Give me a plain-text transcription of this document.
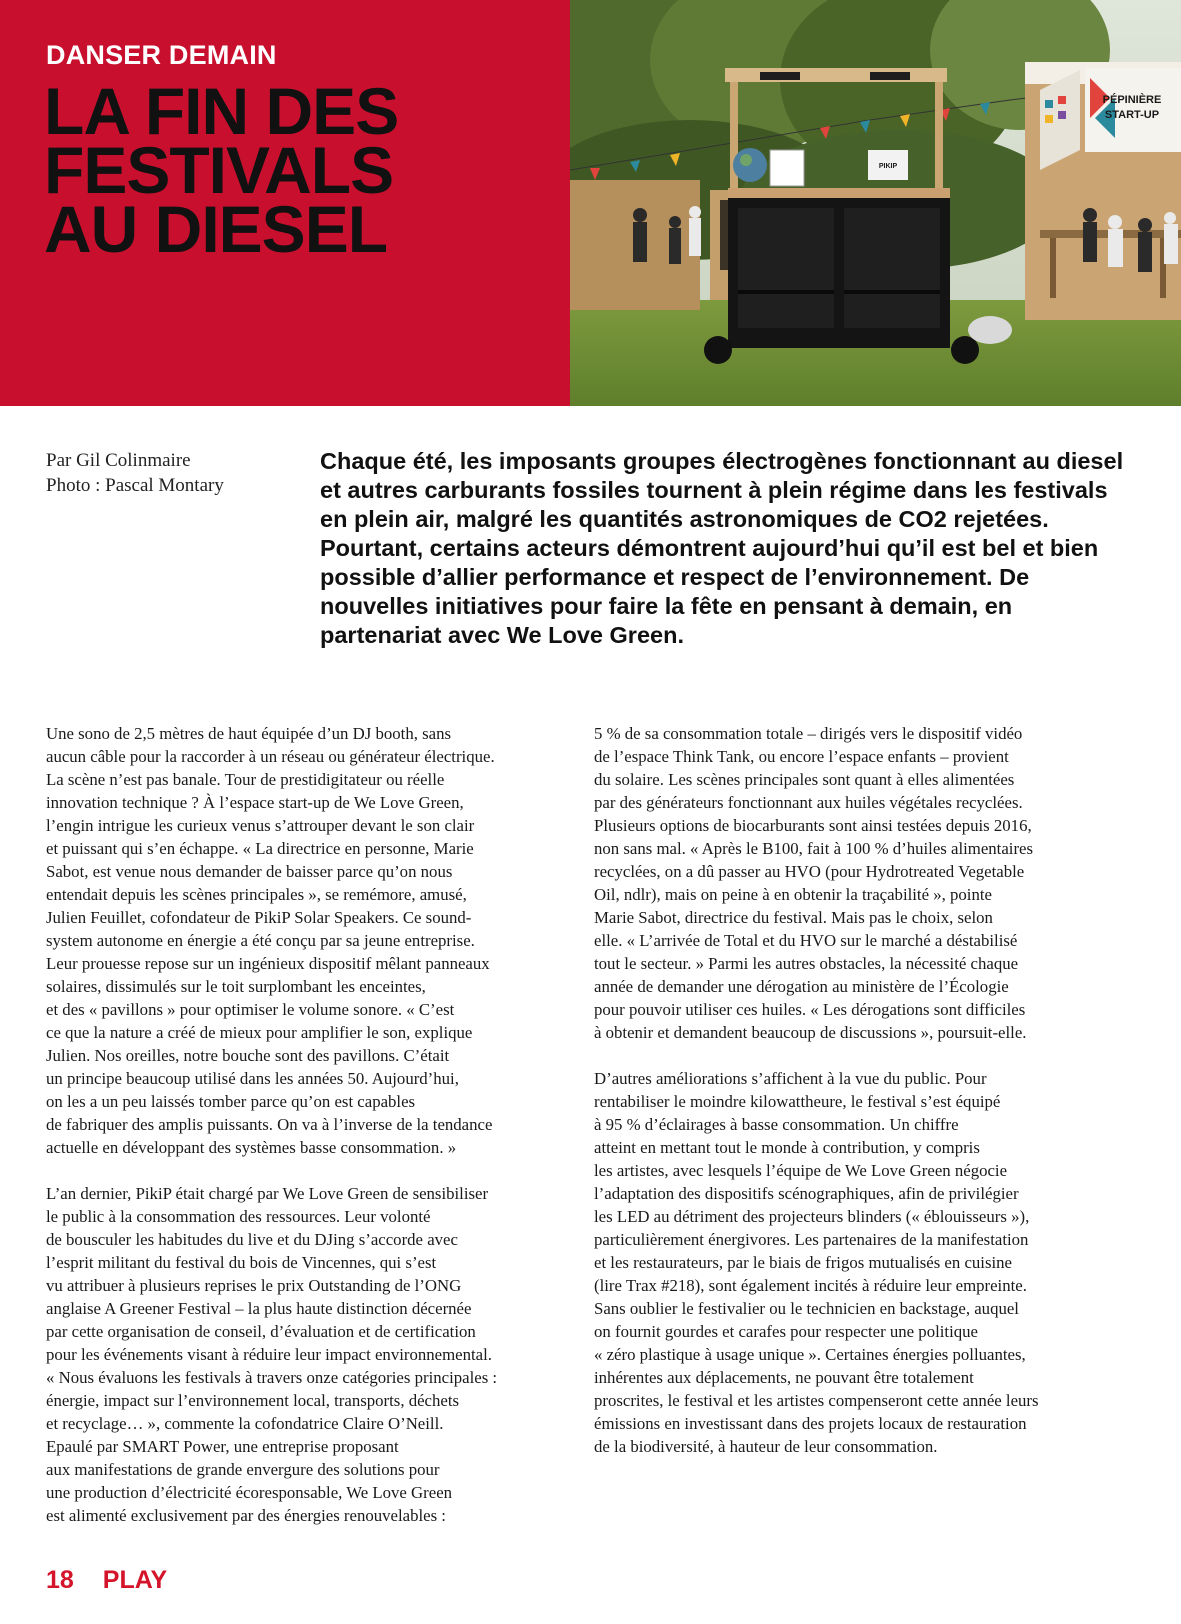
DANSER DEMAIN
LA FIN DES
FESTIVALS
AU DIESEL
PÉPINIÈRE
START-UP
PIKIP

Par Gil Colinmaire
Photo : Pascal Montary

Chaque été, les imposants groupes électrogènes fonctionnant au diesel et autres carburants fossiles tournent à plein régime dans les festivals en plein air, malgré les quantités astronomiques de CO2 rejetées. Pourtant, certains acteurs démontrent aujourd’hui qu’il est bel et bien possible d’allier performance et respect de l’environnement. De nouvelles initiatives pour faire la fête en pensant à demain, en partenariat avec We Love Green.

Une sono de 2,5 mètres de haut équipée d’un DJ booth, sans
aucun câble pour la raccorder à un réseau ou générateur électrique.
La scène n’est pas banale. Tour de prestidigitateur ou réelle
innovation technique ? À l’espace start-up de We Love Green,
l’engin intrigue les curieux venus s’attrouper devant le son clair
et puissant qui s’en échappe. « La directrice en personne, Marie
Sabot, est venue nous demander de baisser parce qu’on nous
entendait depuis les scènes principales », se remémore, amusé,
Julien Feuillet, cofondateur de PikiP Solar Speakers. Ce sound-
system autonome en énergie a été conçu par sa jeune entreprise.
Leur prouesse repose sur un ingénieux dispositif mêlant panneaux
solaires, dissimulés sur le toit surplombant les enceintes,
et des « pavillons » pour optimiser le volume sonore. « C’est
ce que la nature a créé de mieux pour amplifier le son, explique
Julien. Nos oreilles, notre bouche sont des pavillons. C’était
un principe beaucoup utilisé dans les années 50. Aujourd’hui,
on les a un peu laissés tomber parce qu’on est capables
de fabriquer des amplis puissants. On va à l’inverse de la tendance
actuelle en développant des systèmes basse consommation. »
L’an dernier, PikiP était chargé par We Love Green de sensibiliser
le public à la consommation des ressources. Leur volonté
de bousculer les habitudes du live et du DJing s’accorde avec
l’esprit militant du festival du bois de Vincennes, qui s’est
vu attribuer à plusieurs reprises le prix Outstanding de l’ONG
anglaise A Greener Festival – la plus haute distinction décernée
par cette organisation de conseil, d’évaluation et de certification
pour les événements visant à réduire leur impact environnemental.
« Nous évaluons les festivals à travers onze catégories principales :
énergie, impact sur l’environnement local, transports, déchets
et recyclage… », commente la cofondatrice Claire O’Neill.
Epaulé par SMART Power, une entreprise proposant
aux manifestations de grande envergure des solutions pour
une production d’électricité écoresponsable, We Love Green
est alimenté exclusivement par des énergies renouvelables :
5 % de sa consommation totale – dirigés vers le dispositif vidéo
de l’espace Think Tank, ou encore l’espace enfants – provient
du solaire. Les scènes principales sont quant à elles alimentées
par des générateurs fonctionnant aux huiles végétales recyclées.
Plusieurs options de biocarburants sont ainsi testées depuis 2016,
non sans mal. « Après le B100, fait à 100 % d’huiles alimentaires
recyclées, on a dû passer au HVO (pour Hydrotreated Vegetable
Oil, ndlr), mais on peine à en obtenir la traçabilité », pointe
Marie Sabot, directrice du festival. Mais pas le choix, selon
elle. « L’arrivée de Total et du HVO sur le marché a déstabilisé
tout le secteur. » Parmi les autres obstacles, la nécessité chaque
année de demander une dérogation au ministère de l’Écologie
pour pouvoir utiliser ces huiles. « Les dérogations sont difficiles
à obtenir et demandent beaucoup de discussions », poursuit-elle.
D’autres améliorations s’affichent à la vue du public. Pour
rentabiliser le moindre kilowattheure, le festival s’est équipé
à 95 % d’éclairages à basse consommation. Un chiffre
atteint en mettant tout le monde à contribution, y compris
les artistes, avec lesquels l’équipe de We Love Green négocie
l’adaptation des dispositifs scénographiques, afin de privilégier
les LED au détriment des projecteurs blinders (« éblouisseurs »),
particulièrement énergivores. Les partenaires de la manifestation
et les restaurateurs, par le biais de frigos mutualisés en cuisine
(lire Trax #218), sont également incités à réduire leur empreinte.
Sans oublier le festivalier ou le technicien en backstage, auquel
on fournit gourdes et carafes pour respecter une politique
« zéro plastique à usage unique ». Certaines énergies polluantes,
inhérentes aux déplacements, ne pouvant être totalement
proscrites, le festival et les artistes compenseront cette année leurs
émissions en investissant dans des projets locaux de restauration
de la biodiversité, à hauteur de leur consommation.
18 PLAY
